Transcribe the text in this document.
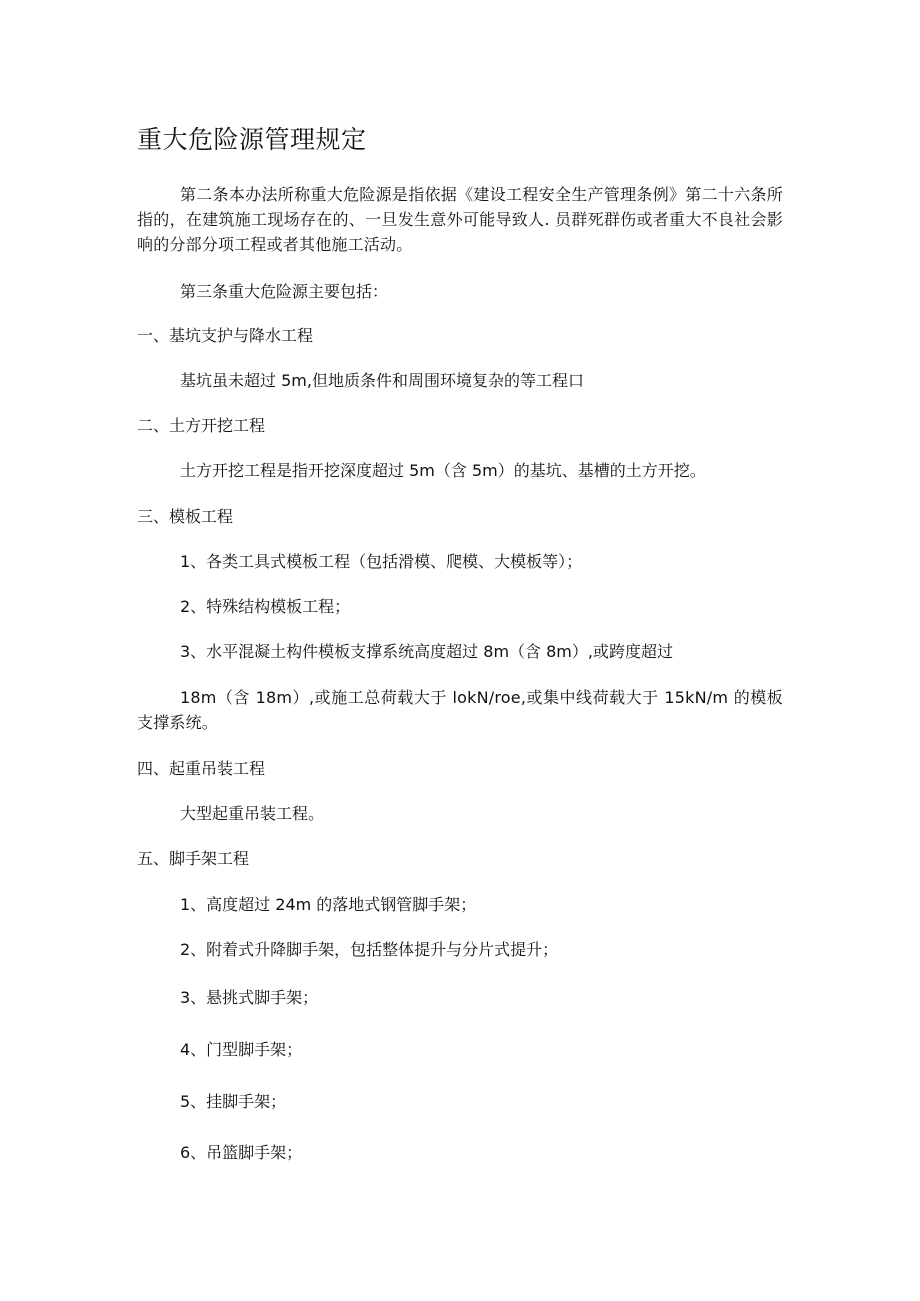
重大危险源管理规定

第二条本办法所称重大危险源是指依据《建设工程安全生产管理条例》第二十六条所指的，在建筑施工现场存在的、一旦发生意外可能导致人. 员群死群伤或者重大不良社会影响的分部分项工程或者其他施工活动。

第三条重大危险源主要包括：

一、基坑支护与降水工程

基坑虽未超过 5m,但地质条件和周围环境复杂的等工程口

二、土方开挖工程

土方开挖工程是指开挖深度超过 5m（含 5m）的基坑、基槽的土方开挖。

三、模板工程

1、各类工具式模板工程（包括滑模、爬模、大模板等）；

2、特殊结构模板工程；

3、水平混凝土构件模板支撑系统高度超过 8m（含 8m）,或跨度超过

18m（含 18m）,或施工总荷载大于 lokN/roe,或集中线荷载大于 15kN∕m 的模板支撑系统。

四、起重吊装工程

大型起重吊装工程。

五、脚手架工程

1、高度超过 24m 的落地式钢管脚手架；

2、附着式升降脚手架，包括整体提升与分片式提升；

3、悬挑式脚手架；

4、门型脚手架；

5、挂脚手架；

6、吊篮脚手架；
